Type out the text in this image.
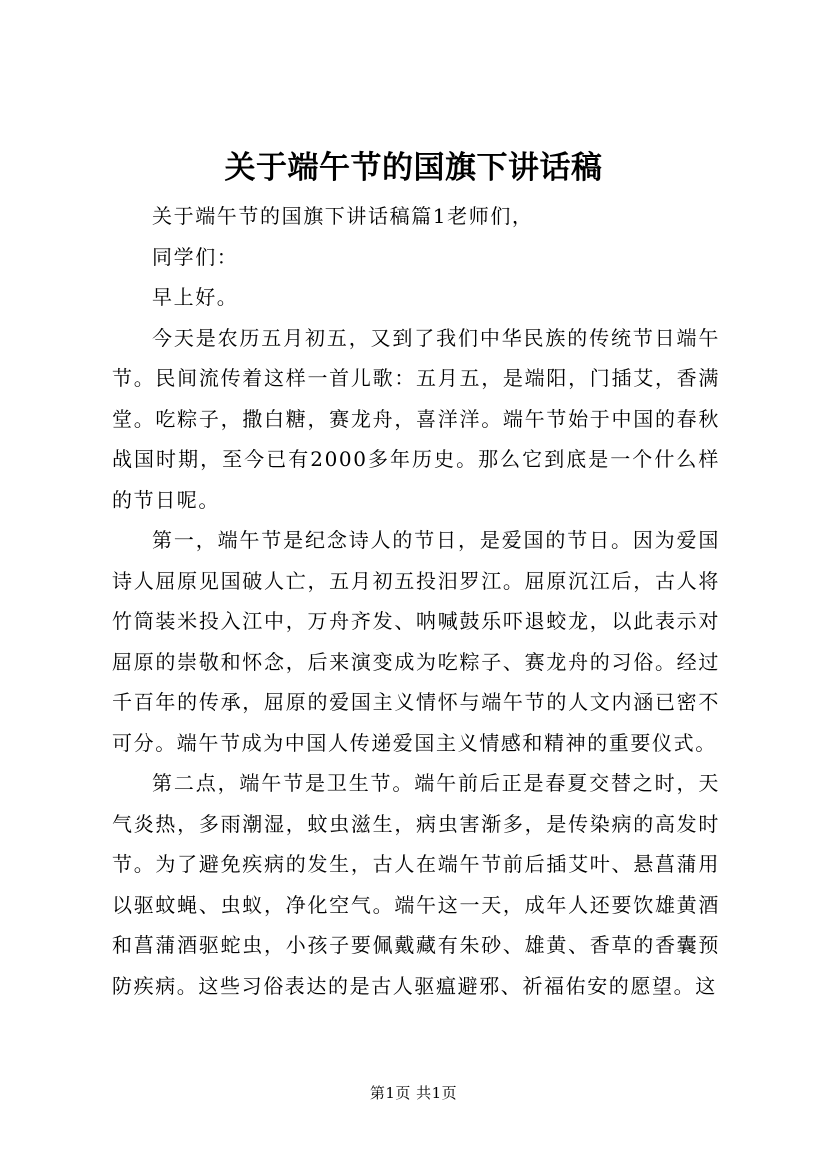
关于端午节的国旗下讲话稿

关于端午节的国旗下讲话稿篇1老师们，

同学们：

早上好。

今天是农历五月初五，又到了我们中华民族的传统节日端午节。民间流传着这样一首儿歌：五月五，是端阳，门插艾，香满堂。吃粽子，撒白糖，赛龙舟，喜洋洋。端午节始于中国的春秋战国时期，至今已有2000多年历史。那么它到底是一个什么样的节日呢。

第一，端午节是纪念诗人的节日，是爱国的节日。因为爱国诗人屈原见国破人亡，五月初五投汨罗江。屈原沉江后，古人将竹筒装米投入江中，万舟齐发、呐喊鼓乐吓退蛟龙，以此表示对屈原的崇敬和怀念，后来演变成为吃粽子、赛龙舟的习俗。经过千百年的传承，屈原的爱国主义情怀与端午节的人文内涵已密不可分。端午节成为中国人传递爱国主义情感和精神的重要仪式。

第二点，端午节是卫生节。端午前后正是春夏交替之时，天气炎热，多雨潮湿，蚊虫滋生，病虫害渐多，是传染病的高发时节。为了避免疾病的发生，古人在端午节前后插艾叶、悬菖蒲用以驱蚊蝇、虫蚁，净化空气。端午这一天，成年人还要饮雄黄酒和菖蒲酒驱蛇虫，小孩子要佩戴藏有朱砂、雄黄、香草的香囊预防疾病。这些习俗表达的是古人驱瘟避邪、祈福佑安的愿望。这

第1页 共1页
